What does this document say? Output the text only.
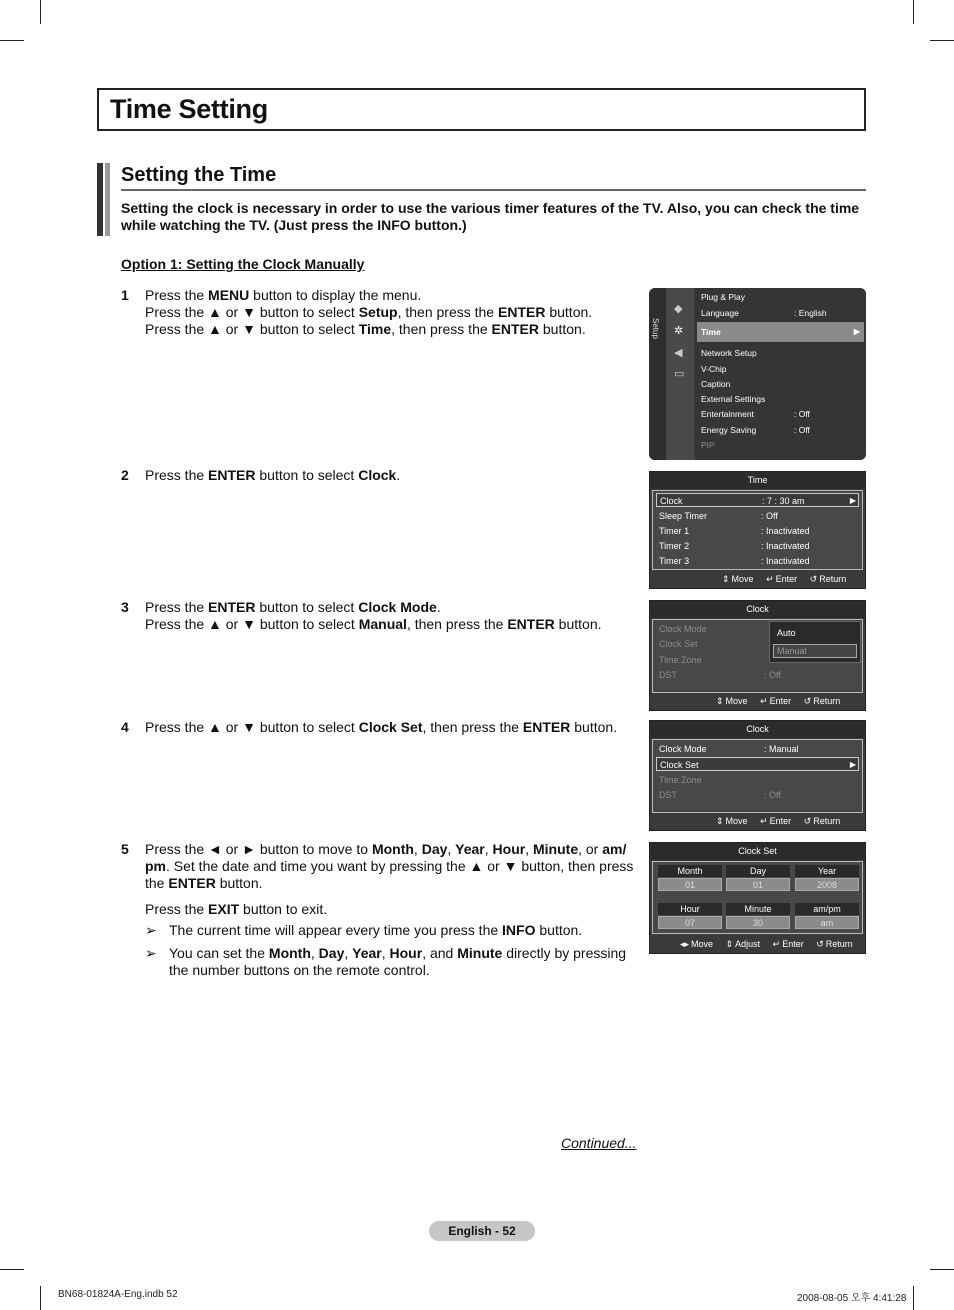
Time Setting
Setting the Time
Setting the clock is necessary in order to use the various timer features of the TV. Also, you can check the time while watching the TV. (Just press the INFO button.)
Option 1: Setting the Clock Manually
1 Press the MENU button to display the menu.
Press the ▲ or ▼ button to select Setup, then press the ENTER button.
Press the ▲ or ▼ button to select Time, then press the ENTER button.
2 Press the ENTER button to select Clock.
3 Press the ENTER button to select Clock Mode.
Press the ▲ or ▼ button to select Manual, then press the ENTER button.
4 Press the ▲ or ▼ button to select Clock Set, then press the ENTER button.
5 Press the ◄ or ► button to move to Month, Day, Year, Hour, Minute, or am/ pm. Set the date and time you want by pressing the ▲ or ▼ button, then press the ENTER button.

Press the EXIT button to exit.
➢ The current time will appear every time you press the INFO button.
➢ You can set the Month, Day, Year, Hour, and Minute directly by pressing the number buttons on the remote control.
Setup
◆
✲
◀
▭
Plug & Play
Language	: English
Time	▶
Network Setup
V-Chip
Caption
External Settings
Entertainment	: Off
Energy Saving	: Off
PIP
Time
Clock	: 7 : 30 am	▶
Sleep Timer	: Off
Timer 1	: Inactivated
Timer 2	: Inactivated
Timer 3	: Inactivated
⇕ Move ↵ Enter ↺ Return
Clock
Clock Mode
Clock Set
Time Zone
DST	: Off
Auto
Manual
⇕ Move ↵ Enter ↺ Return
Clock
Clock Mode	: Manual
Clock Set	▶
Time Zone
DST	: Off
⇕ Move ↵ Enter ↺ Return
Clock Set
Month	Day	Year
01	01	2008
Hour	Minute	am/pm
07	30	am
◂▸ Move ⇕ Adjust ↵ Enter ↺ Return
Continued...
English - 52
BN68-01824A-Eng.indb 52	2008-08-05 오후 4:41:28
